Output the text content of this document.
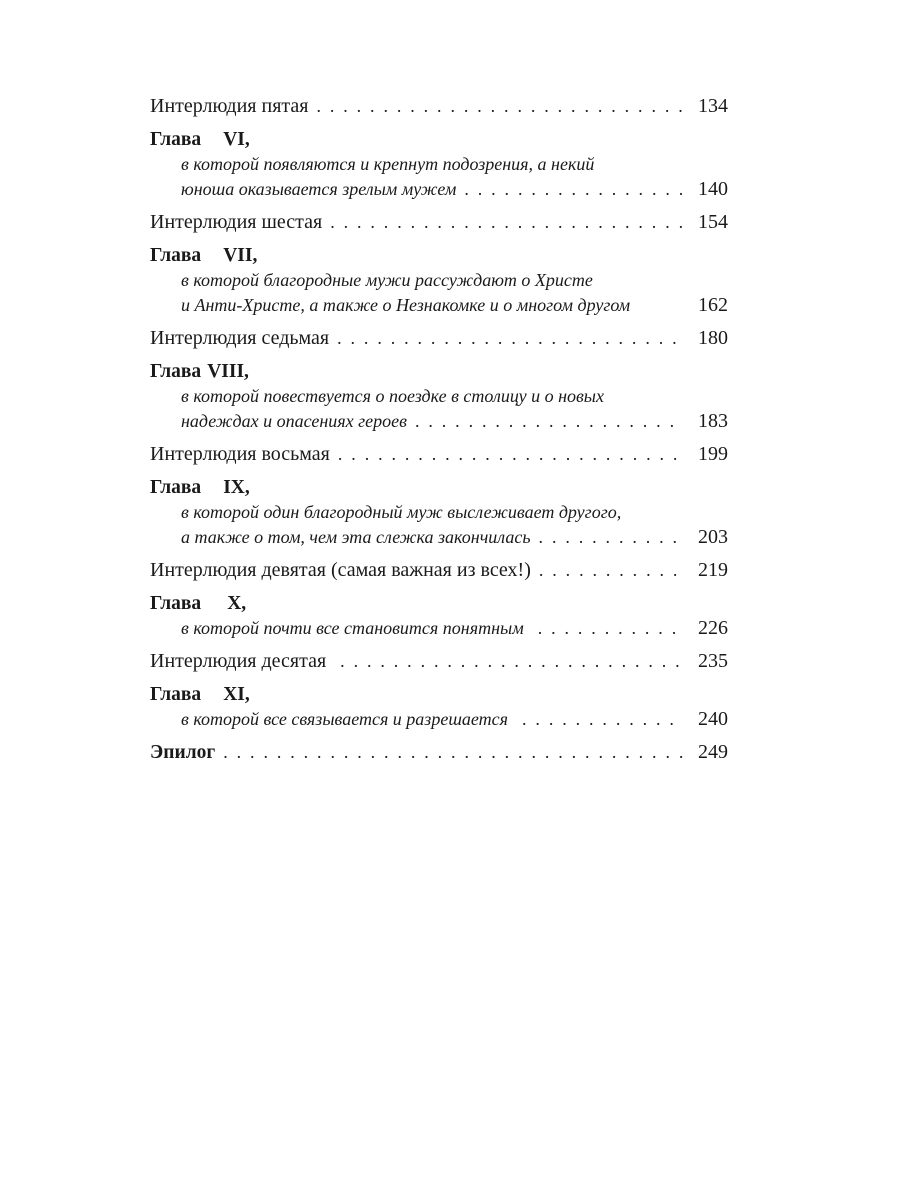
Интерлюдия пятая . . .	134
Глава VI,
в которой появляются и крепнут подозрения, а некий
юноша оказывается зрелым мужем . . .	140
Интерлюдия шестая . . .	154
Глава VII,
в которой благородные мужи рассуждают о Христе
и Анти-Христе, а также о Незнакомке и о многом другом	162
Интерлюдия седьмая . . .	180
Глава VIII,
в которой повествуется о поездке в столицу и о новых
надеждах и опасениях героев . . .	183
Интерлюдия восьмая . . .	199
Глава IX,
в которой один благородный муж выслеживает другого,
а также о том, чем эта слежка закончилась . . .	203
Интерлюдия девятая (самая важная из всех!) . . .	219
Глава X,
в которой почти все становится понятным . . .	226
Интерлюдия десятая . . .	235
Глава XI,
в которой все связывается и разрешается . . .	240
Эпилог . . .	249
